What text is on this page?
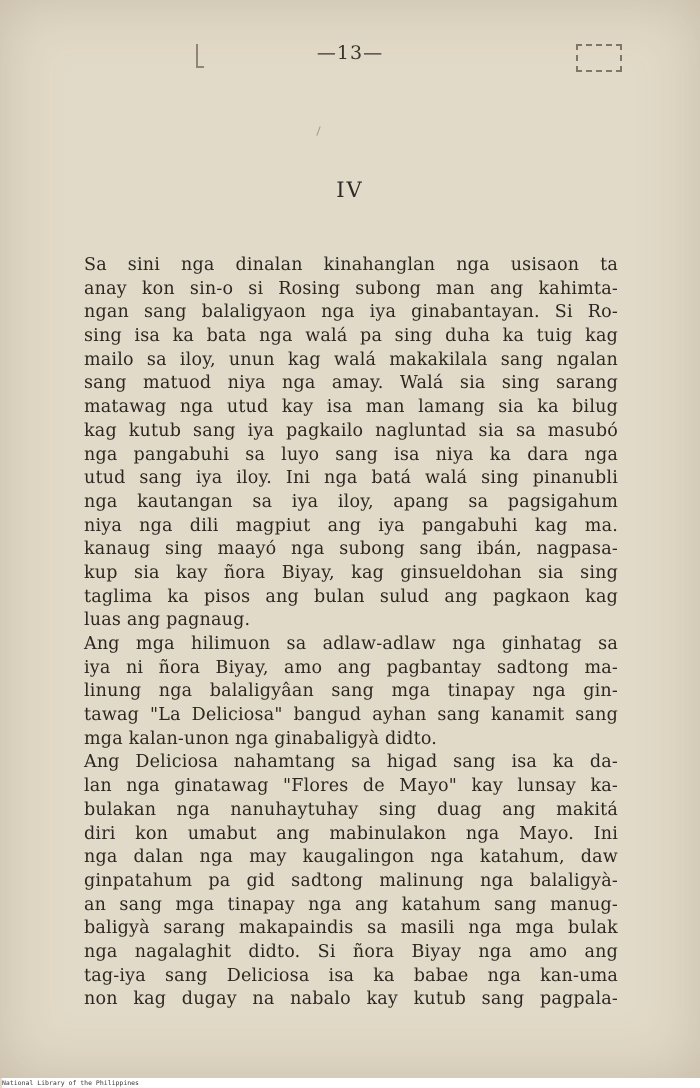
—13—
IV
Sa sini nga dinalan kinahanglan nga usisaon ta
anay kon sin-o si Rosing subong man ang kahimta-
ngan sang balaligyaon nga iya ginabantayan. Si Ro-
sing isa ka bata nga walá pa sing duha ka tuig kag
mailo sa iloy, unun kag walá makakilala sang ngalan
sang matuod niya nga amay. Walá sia sing sarang
matawag nga utud kay isa man lamang sia ka bilug
kag kutub sang iya pagkailo nagluntad sia sa masubó
nga pangabuhi sa luyo sang isa niya ka dara nga
utud sang iya iloy. Ini nga batá walá sing pinanubli
nga kautangan sa iya iloy, apang sa pagsigahum
niya nga dili magpiut ang iya pangabuhi kag ma.
kanaug sing maayó nga subong sang ibán, nagpasa-
kup sia kay ñora Biyay, kag ginsueldohan sia sing
taglima ka pisos ang bulan sulud ang pagkaon kag
luas ang pagnaug.
Ang mga hilimuon sa adlaw-adlaw nga ginhatag sa
iya ni ñora Biyay, amo ang pagbantay sadtong ma-
linung nga balaligyâan sang mga tinapay nga gin-
tawag "La Deliciosa" bangud ayhan sang kanamit sang
mga kalan-unon nga ginabaligyà didto.
Ang Deliciosa nahamtang sa higad sang isa ka da-
lan nga ginatawag "Flores de Mayo" kay lunsay ka-
bulakan nga nanuhaytuhay sing duag ang makitá
diri kon umabut ang mabinulakon nga Mayo. Ini
nga dalan nga may kaugalingon nga katahum, daw
ginpatahum pa gid sadtong malinung nga balaligyà-
an sang mga tinapay nga ang katahum sang manug-
baligyà sarang makapaindis sa masili nga mga bulak
nga nagalaghit didto. Si ñora Biyay nga amo ang
tag-iya sang Deliciosa isa ka babae nga kan-uma
non kag dugay na nabalo kay kutub sang pagpala-
National Library of the Philippines
